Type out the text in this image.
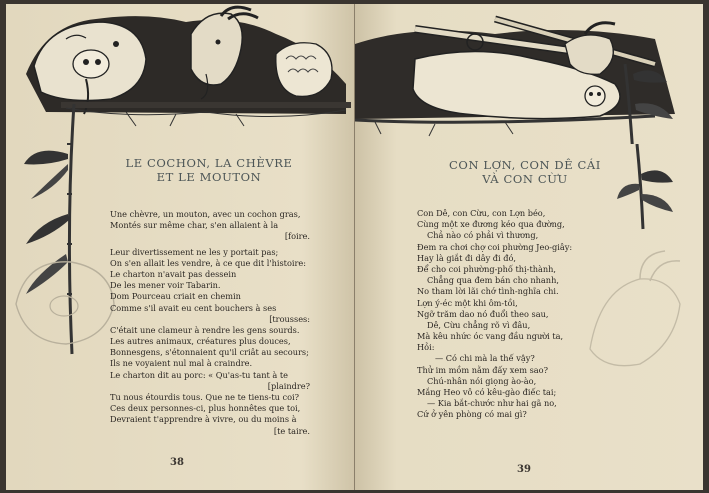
LE COCHON, LA CHÈVRE
ET LE MOUTON
Une chèvre, un mouton, avec un cochon gras,
Montés sur même char, s'en allaient à la
[foire.
Leur divertissement ne les y portait pas;
On s'en allait les vendre, à ce que dit l'histoire:
Le charton n'avait pas dessein
De les mener voir Tabarin.
Dom Pourceau criait en chemin
Comme s'il avait eu cent bouchers à ses
[trousses:
C'était une clameur à rendre les gens sourds.
Les autres animaux, créatures plus douces,
Bonnesgens, s'étonnaient qu'il criât au secours;
Ils ne voyaient nul mal à craindre.
Le charton dit au porc: « Qu'as-tu tant à te
[plaindre?
Tu nous étourdis tous. Que ne te tiens-tu coi?
Ces deux personnes-ci, plus honnêtes que toi,
Devraient t'apprendre à vivre, ou du moins à
[te taire.
38
CON LỢN, CON DÊ CÁI
VÀ CON CỪU
Con Dê, con Cừu, con Lợn béo,
Cùng một xe đương kéo qua đường,
Chả nào có phải vì thương,
Đem ra chơi chợ coi phường Jeo-giây:
Hay là giắt đi dây đi đó,
Để cho coi phường-phố thị-thành,
Chẳng qua đem bán cho nhanh,
No tham lời lãi chớ tình-nghĩa chi.
Lợn ý-éc một khi ôm-tồi,
Ngỡ trăm dao nó đuổi theo sau,
Dê, Cừu chẳng rõ vì đâu,
Mà kêu nhức óc vang đầu người ta,
Hỏi:
— Có chi mà la thế vậy?
Thử im mồm nằm đấy xem sao?
Chú-nhân nói giọng ào-ào,
Mắng Heo vô có kêu-gào điếc tai;
— Kia bắt-chước như hai gã no,
Cứ ở yên phòng có mai gì?
39
